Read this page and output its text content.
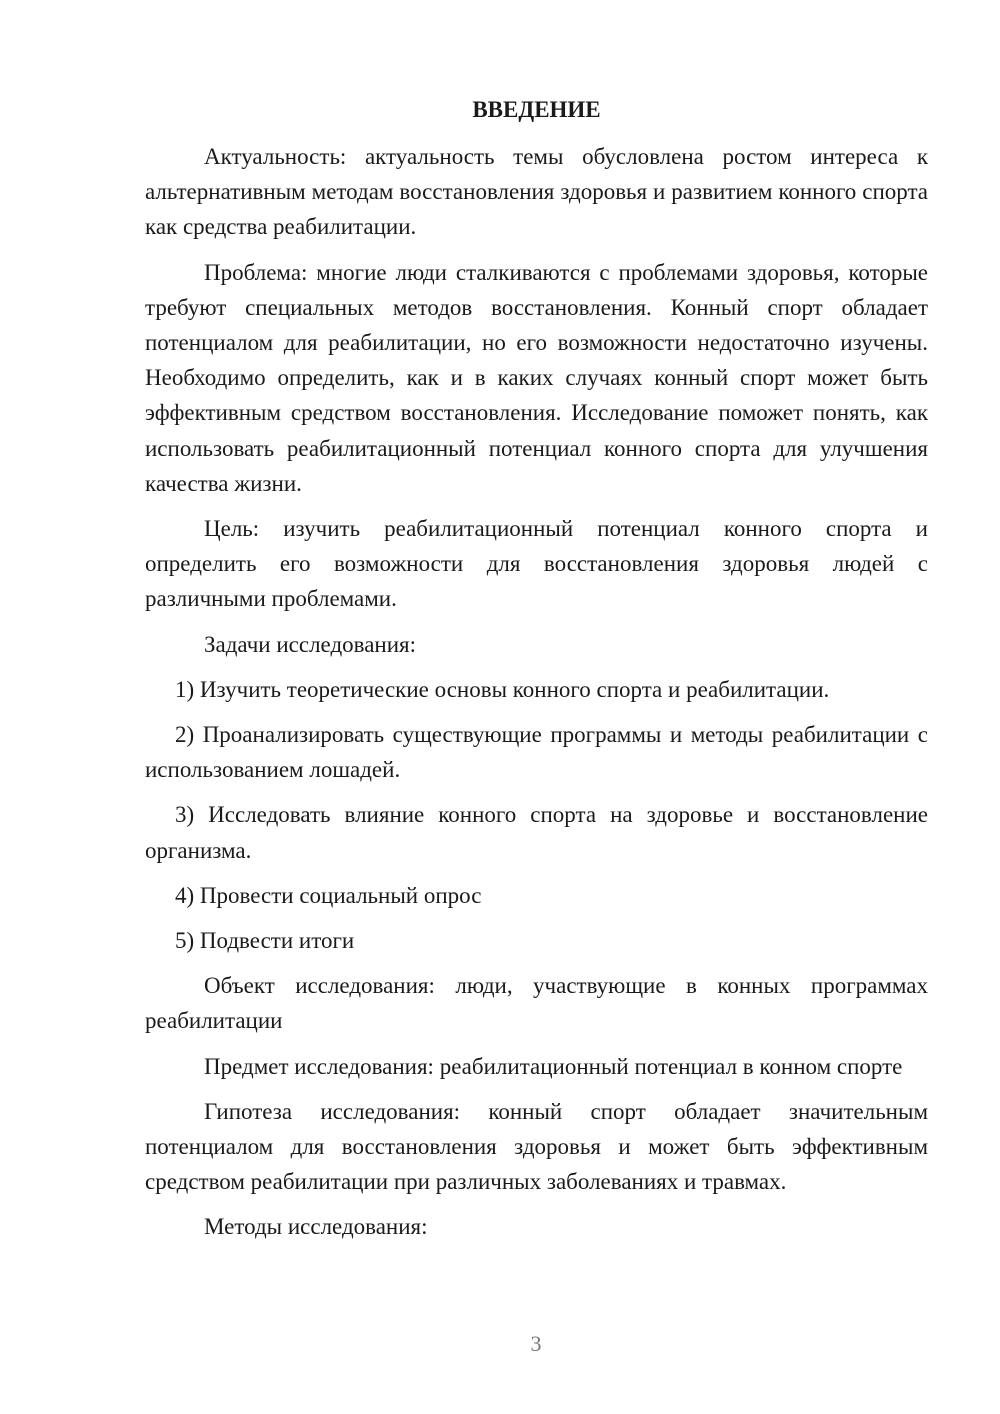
ВВЕДЕНИЕ

Актуальность: актуальность темы обусловлена ростом интереса к альтернативным методам восстановления здоровья и развитием конного спорта как средства реабилитации.

Проблема: многие люди сталкиваются с проблемами здоровья, которые требуют специальных методов восстановления. Конный спорт обладает потенциалом для реабилитации, но его возможности недостаточно изучены. Необходимо определить, как и в каких случаях конный спорт может быть эффективным средством восстановления. Исследование поможет понять, как использовать реабилитационный потенциал конного спорта для улучшения качества жизни.

Цель: изучить реабилитационный потенциал конного спорта и определить его возможности для восстановления здоровья людей с различными проблемами.

Задачи исследования:

1) Изучить теоретические основы конного спорта и реабилитации.

2) Проанализировать существующие программы и методы реабилитации с использованием лошадей.

3) Исследовать влияние конного спорта на здоровье и восстановление организма.

4) Провести социальный опрос

5) Подвести итоги

Объект исследования: люди, участвующие в конных программах реабилитации

Предмет исследования: реабилитационный потенциал в конном спорте

Гипотеза исследования: конный спорт обладает значительным потенциалом для восстановления здоровья и может быть эффективным средством реабилитации при различных заболеваниях и травмах.

Методы исследования:

3
